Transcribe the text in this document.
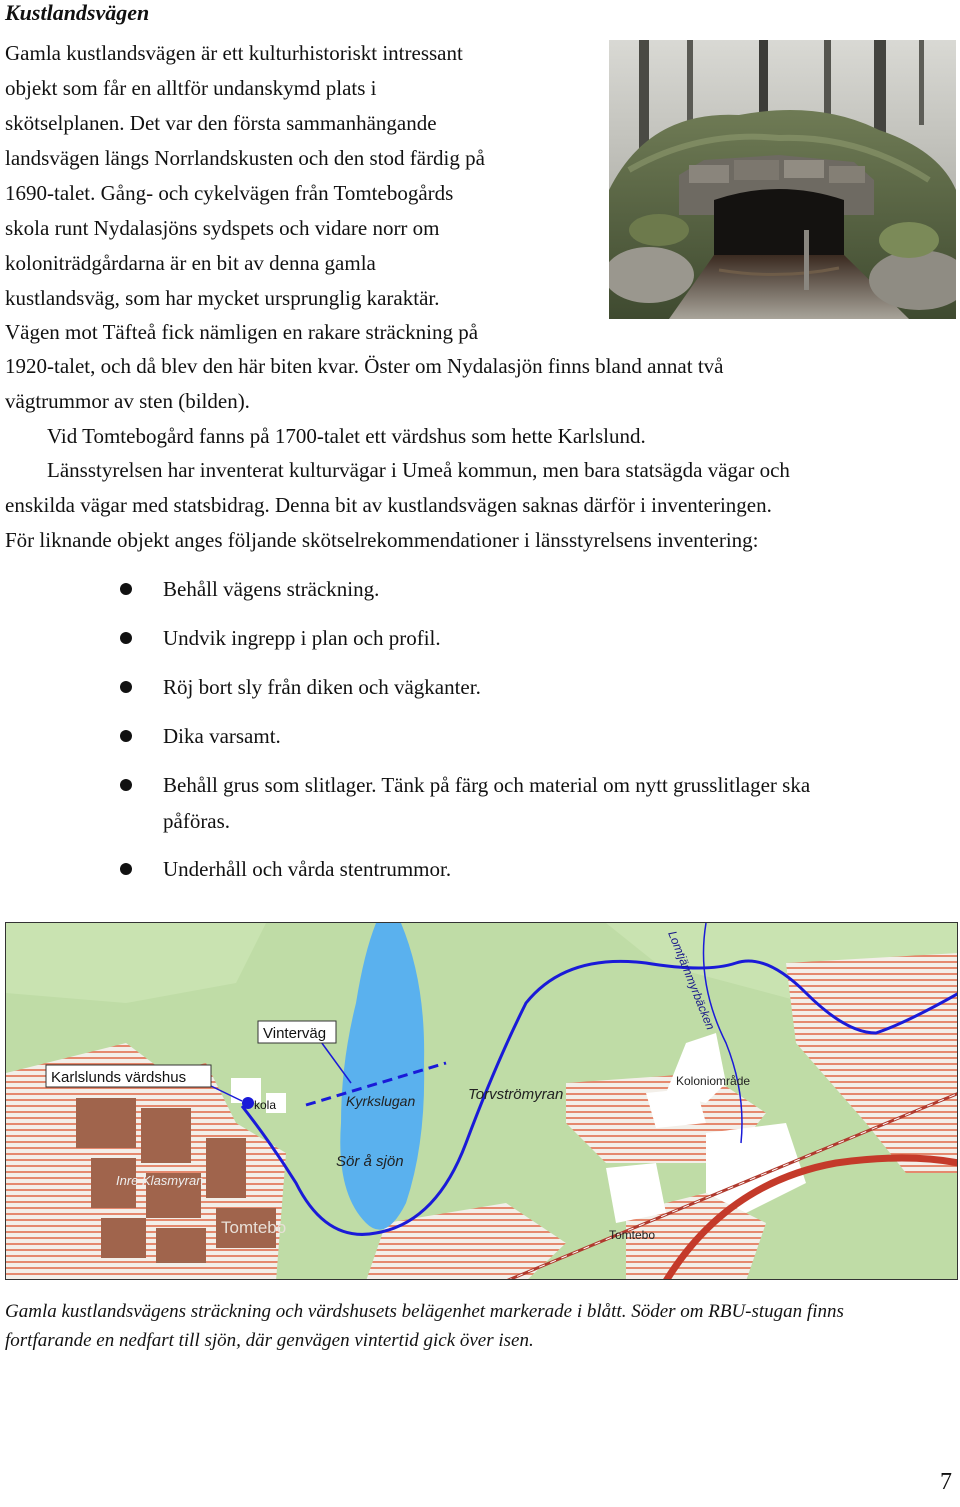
Kustlandsvägen

Gamla kustlandsvägen är ett kulturhistoriskt intressant

objekt som får en alltför undanskymd plats i

skötselplanen. Det var den första sammanhängande

landsvägen längs Norrlandskusten och den stod färdig på

1690-talet. Gång- och cykelvägen från Tomtebogårds

skola runt Nydalasjöns sydspets och vidare norr om

koloniträdgårdarna är en bit av denna gamla

kustlandsväg, som har mycket ursprunglig karaktär.

Vägen mot Täfteå fick nämligen en rakare sträckning på

1920-talet, och då blev den här biten kvar. Öster om Nydalasjön finns bland annat två

vägtrummor av sten (bilden).

Vid Tomtebogård fanns på 1700-talet ett värdshus som hette Karlslund.

Länsstyrelsen har inventerat kulturvägar i Umeå kommun, men bara statsägda vägar och

enskilda vägar med statsbidrag. Denna bit av kustlandsvägen saknas därför i inventeringen.

För liknande objekt anges följande skötselrekommendationer i länsstyrelsens inventering:

Behåll vägens sträckning.

Undvik ingrepp i plan och profil.

Röj bort sly från diken och vägkanter.

Dika varsamt.

Behåll grus som slitlager. Tänk på färg och material om nytt grusslitlager ska

påföras.

Underhåll och vårda stentrummor.

Vinterväg
Karlslunds värdshus
kola	Kyrkslugan	Torvströmyran
Koloniområde
Sör å sjön
Inre Klasmyran
Tomtebo	Tomtebo
Lomtjärnmyrbäcken

Gamla kustlandsvägens sträckning och värdshusets belägenhet markerade i blått. Söder om RBU-stugan finns

fortfarande en nedfart till sjön, där genvägen vintertid gick över isen.

7
